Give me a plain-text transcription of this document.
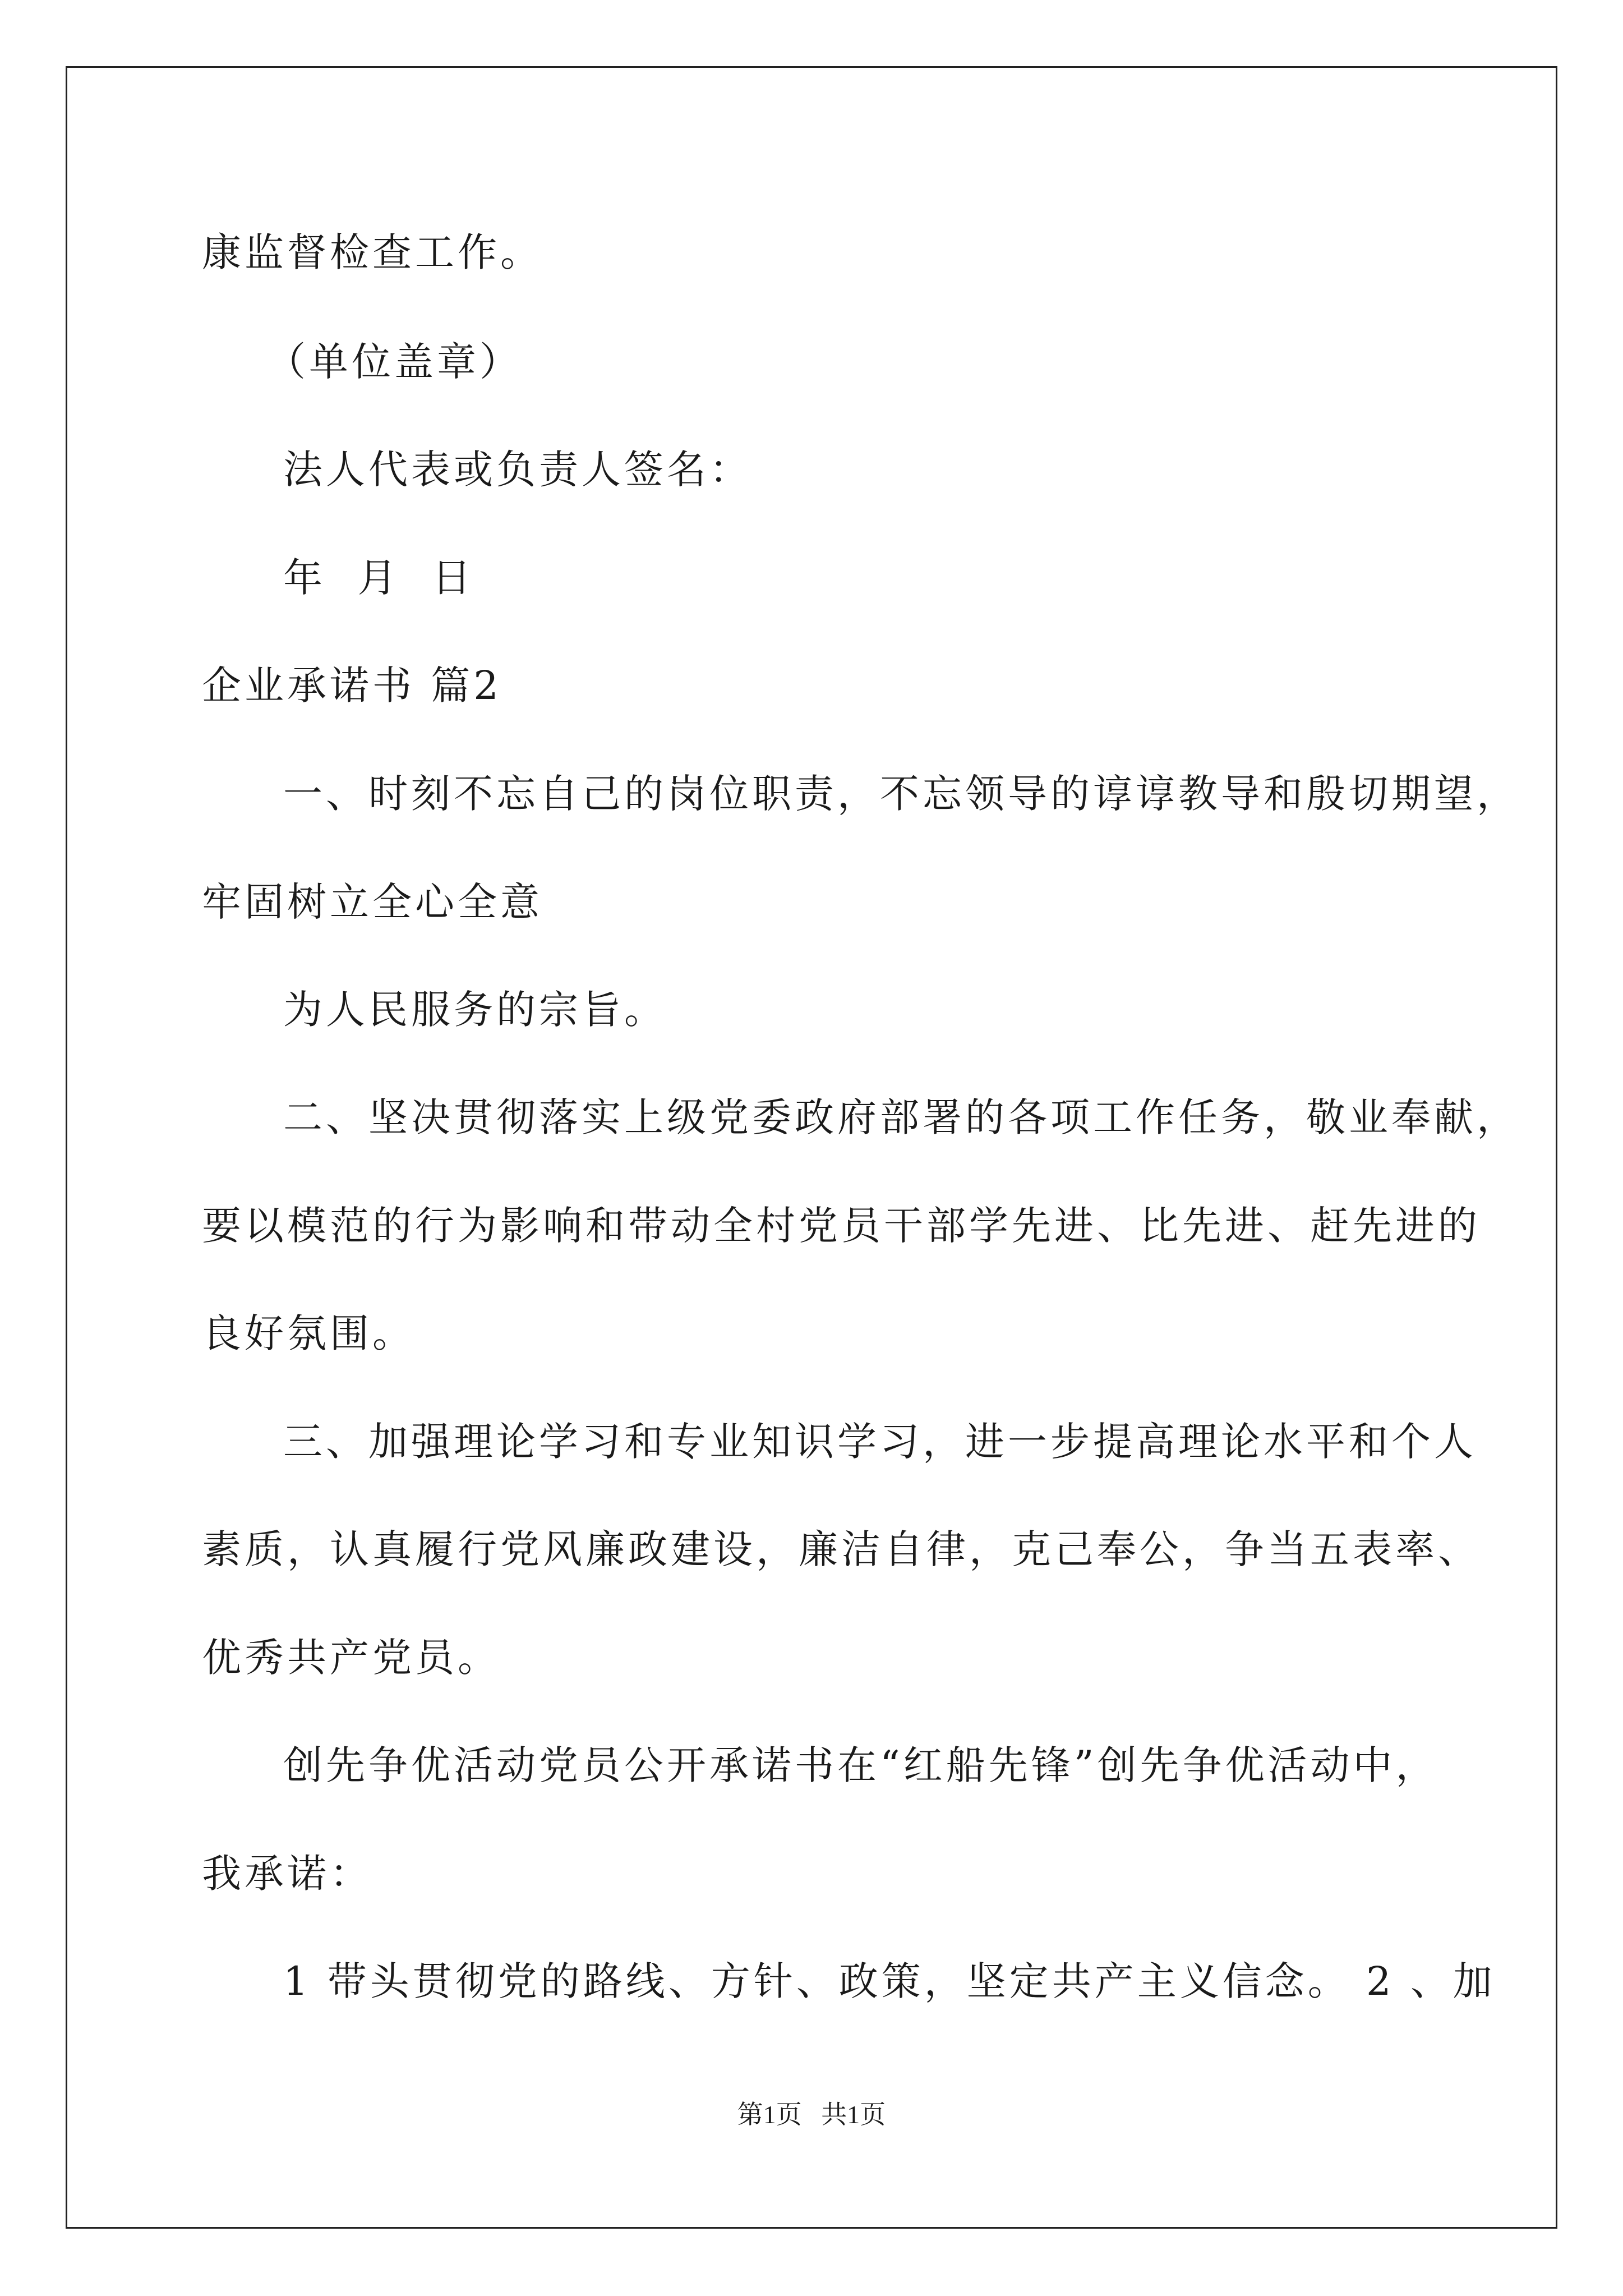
康监督检查工作。
（单位盖章）
法人代表或负责人签名：
年  月  日
企业承诺书 篇2
一、时刻不忘自己的岗位职责，不忘领导的谆谆教导和殷切期望，
牢固树立全心全意
为人民服务的宗旨。
二、坚决贯彻落实上级党委政府部署的各项工作任务，敬业奉献，
要以模范的行为影响和带动全村党员干部学先进、比先进、赶先进的
良好氛围。
三、加强理论学习和专业知识学习，进一步提高理论水平和个人
素质，认真履行党风廉政建设，廉洁自律，克己奉公，争当五表率、
优秀共产党员。
创先争优活动党员公开承诺书在“红船先锋”创先争优活动中，
我承诺：
1 带头贯彻党的路线、方针、政策，坚定共产主义信念。 2 、加
第1页   共1页
